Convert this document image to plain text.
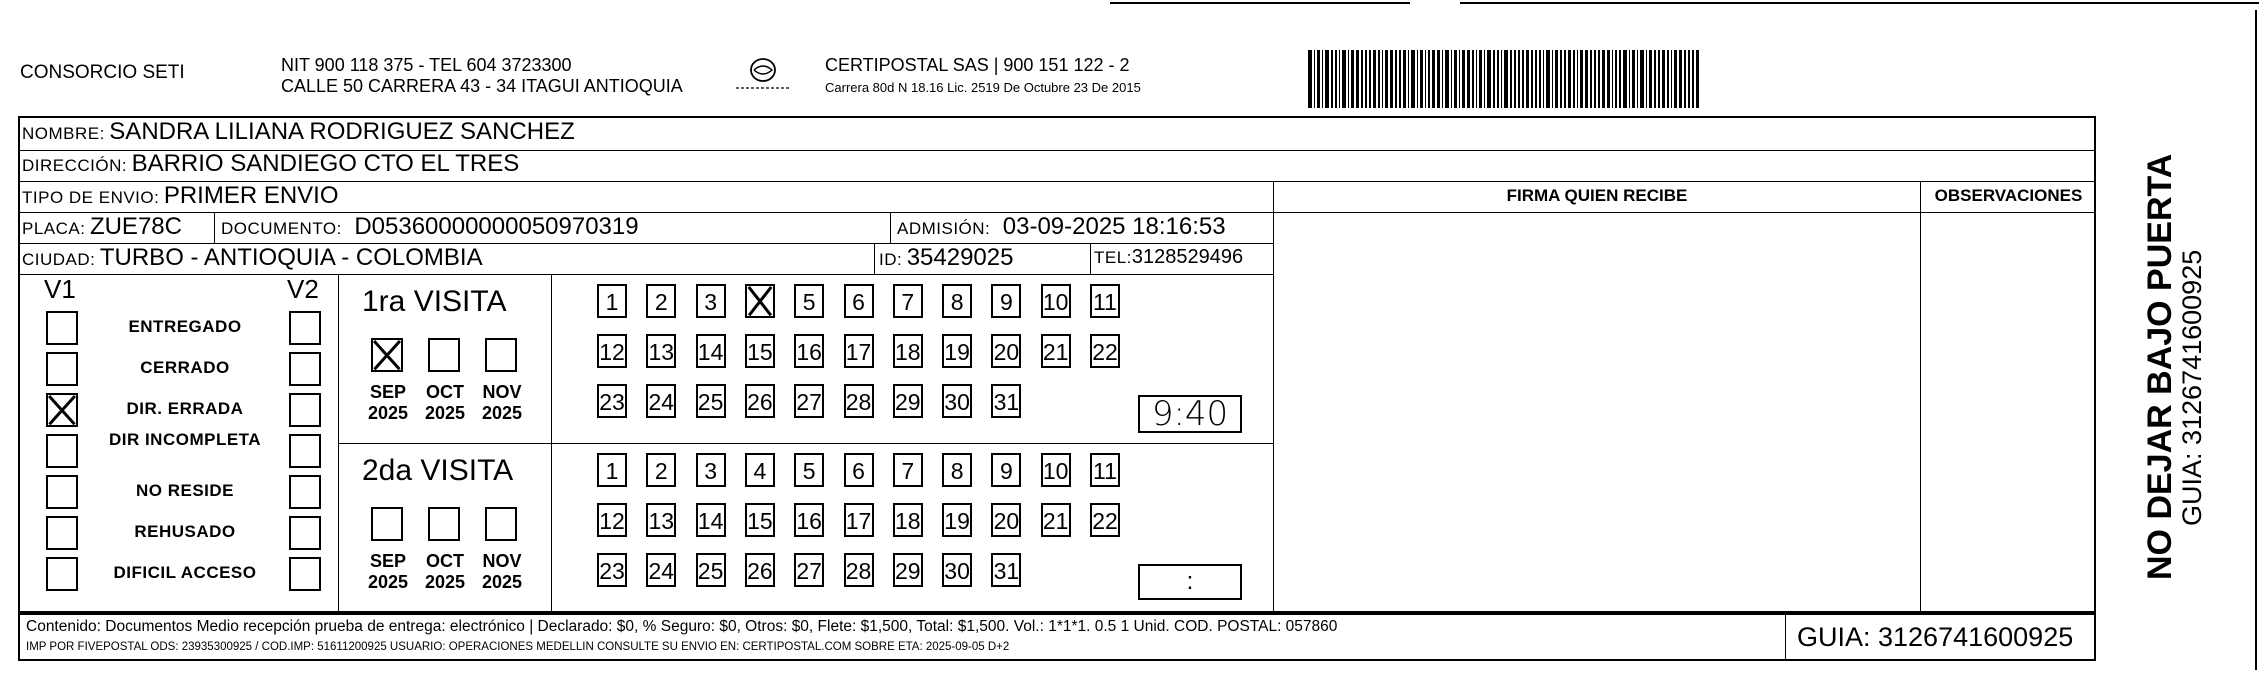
CONSORCIO SETI	NIT 900 118 375 - TEL 604 3723300
CALLE 50 CARRERA 43 - 34 ITAGUI ANTIOQUIA
CERTIPOSTAL SAS | 900 151 122 - 2
Carrera 80d N 18.16 Lic. 2519 De Octubre 23 De 2015
NOMBRE: SANDRA LILIANA RODRIGUEZ SANCHEZ
DIRECCIÓN: BARRIO SANDIEGO CTO EL TRES
TIPO DE ENVIO: PRIMER ENVIO	FIRMA QUIEN RECIBE	OBSERVACIONES
PLACA: ZUE78C DOCUMENTO: D05360000000050970319	ADMISIÓN: 03-09-2025 18:16:53
CIUDAD: TURBO - ANTIOQUIA - COLOMBIA	ID: 35429025	TEL:3128529496
V1	V2
ENTREGADO
CERRADO
DIR. ERRADA
DIR INCOMPLETA
NO RESIDE
REHUSADO
DIFICIL ACCESO
1ra VISITA
SEP
2025
OCT
2025
NOV
2025
1	2	3	5	6	7	8	9	10 11
12 13 14 15 16 17 18 19 20 21 22
23 24 25 26 27 28 29 30 31	9:40
2da VISITA
SEP
2025
OCT
2025
NOV
2025
1	2	3	4	5	6	7	8	9	10 11
12 13 14 15 16 17 18 19 20 21 22
23 24 25 26 27 28 29 30 31	:
Contenido: Documentos Medio recepción prueba de entrega: electrónico | Declarado: $0, % Seguro: $0, Otros: $0, Flete: $1,500, Total: $1,500. Vol.: 1*1*1. 0.5 1 Unid. COD. POSTAL: 057860
IMP POR FIVEPOSTAL ODS: 23935300925 / COD.IMP: 51611200925 USUARIO: OPERACIONES MEDELLIN CONSULTE SU ENVIO EN: CERTIPOSTAL.COM SOBRE ETA: 2025-09-05 D+2	GUIA: 3126741600925
NO DEJAR BAJO PUERTA
GUIA: 3126741600925
